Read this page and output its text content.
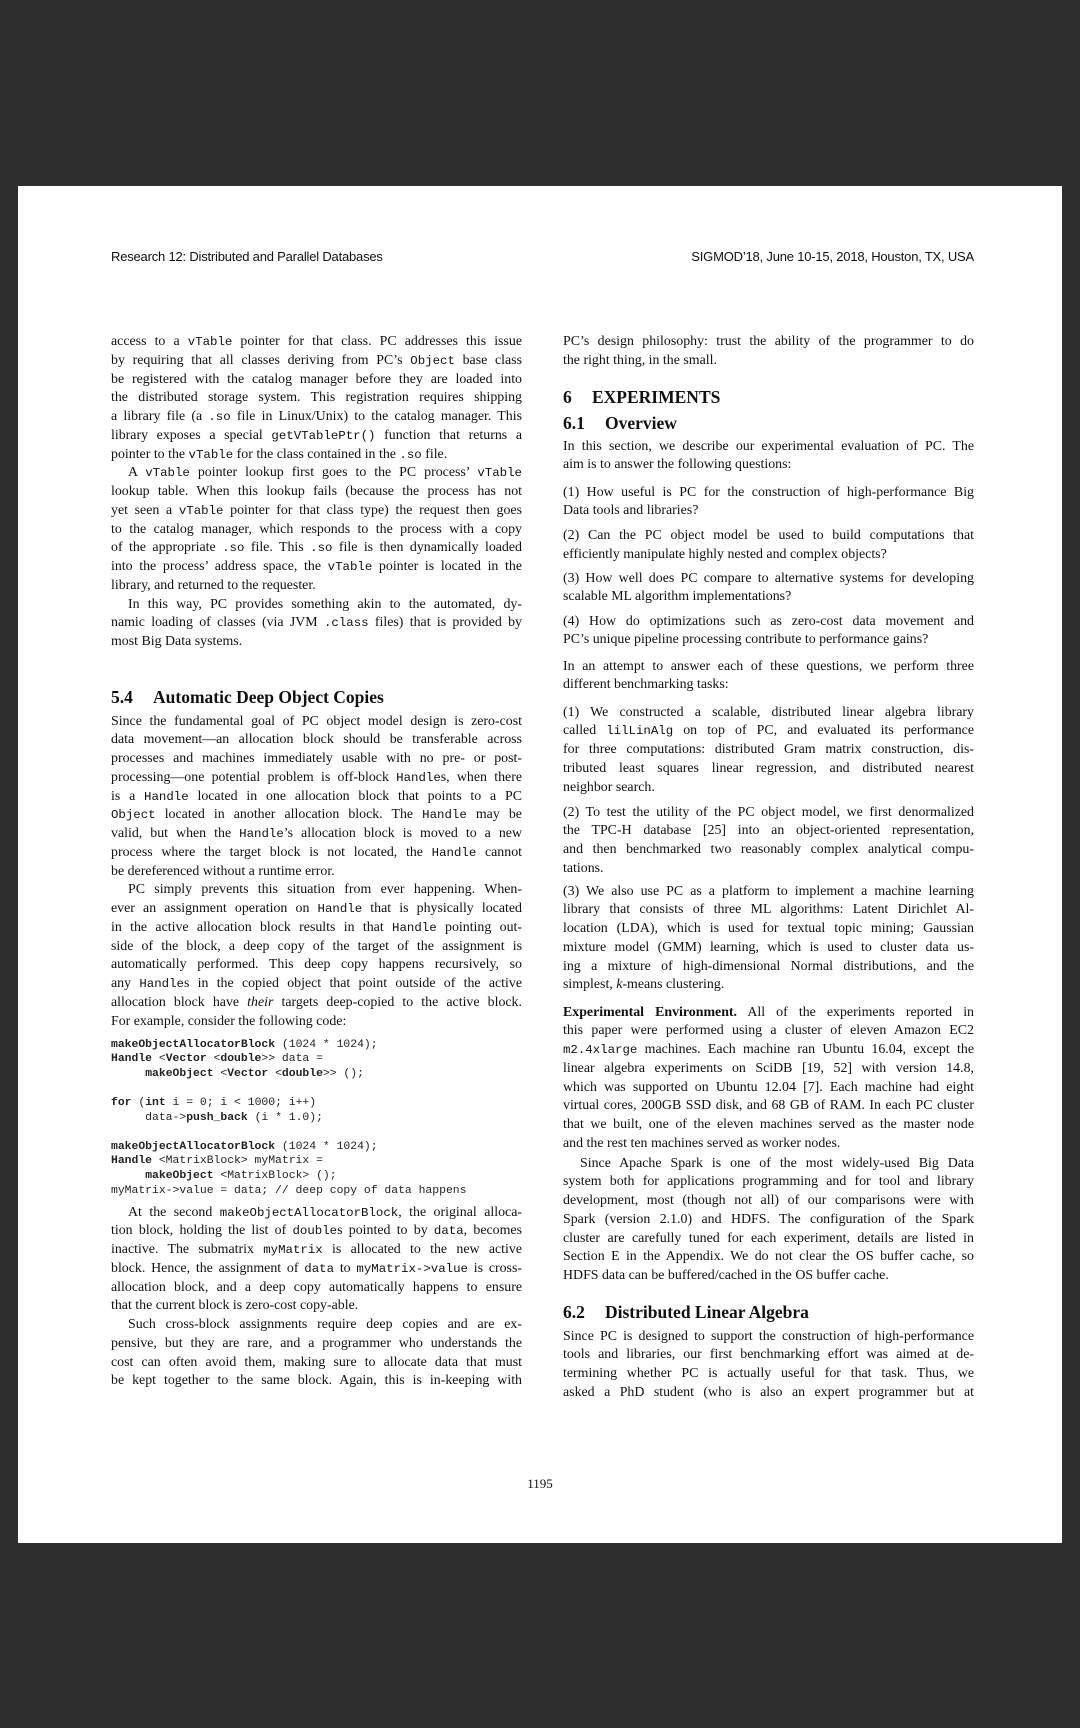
Research 12: Distributed and Parallel Databases	SIGMOD’18, June 10-15, 2018, Houston, TX, USA
access to a vTable pointer for that class. PC addresses this issue
by requiring that all classes deriving from PC’s Object base class
be registered with the catalog manager before they are loaded into
the distributed storage system. This registration requires shipping
a library file (a .so file in Linux/Unix) to the catalog manager. This
library exposes a special getVTablePtr() function that returns a
pointer to the vTable for the class contained in the .so file.
A vTable pointer lookup first goes to the PC process’ vTable
lookup table. When this lookup fails (because the process has not
yet seen a vTable pointer for that class type) the request then goes
to the catalog manager, which responds to the process with a copy
of the appropriate .so file. This .so file is then dynamically loaded
into the process’ address space, the vTable pointer is located in the
library, and returned to the requester.
In this way, PC provides something akin to the automated, dy-
namic loading of classes (via JVM .class files) that is provided by
most Big Data systems.
5.4 Automatic Deep Object Copies
Since the fundamental goal of PC object model design is zero-cost
data movement—an allocation block should be transferable across
processes and machines immediately usable with no pre- or post-
processing—one potential problem is off-block Handles, when there
is a Handle located in one allocation block that points to a PC
Object located in another allocation block. The Handle may be
valid, but when the Handle’s allocation block is moved to a new
process where the target block is not located, the Handle cannot
be dereferenced without a runtime error.
PC simply prevents this situation from ever happening. When-
ever an assignment operation on Handle that is physically located
in the active allocation block results in that Handle pointing out-
side of the block, a deep copy of the target of the assignment is
automatically performed. This deep copy happens recursively, so
any Handles in the copied object that point outside of the active
allocation block have their targets deep-copied to the active block.
For example, consider the following code:
makeObjectAllocatorBlock (1024 * 1024);
Handle <Vector <double>> data =
makeObject <Vector <double>> ();

for (int i = 0; i < 1000; i++)
data->push_back (i * 1.0);

makeObjectAllocatorBlock (1024 * 1024);
Handle <MatrixBlock> myMatrix =
makeObject <MatrixBlock> ();
myMatrix->value = data; // deep copy of data happens
At the second makeObjectAllocatorBlock, the original alloca-
tion block, holding the list of doubles pointed to by data, becomes
inactive. The submatrix myMatrix is allocated to the new active
block. Hence, the assignment of data to myMatrix->value is cross-
allocation block, and a deep copy automatically happens to ensure
that the current block is zero-cost copy-able.
Such cross-block assignments require deep copies and are ex-
pensive, but they are rare, and a programmer who understands the
cost can often avoid them, making sure to allocate data that must
be kept together to the same block. Again, this is in-keeping with
PC’s design philosophy: trust the ability of the programmer to do
the right thing, in the small.
6 EXPERIMENTS
6.1 Overview
In this section, we describe our experimental evaluation of PC. The
aim is to answer the following questions:
(1) How useful is PC for the construction of high-performance Big
Data tools and libraries?
(2) Can the PC object model be used to build computations that
efficiently manipulate highly nested and complex objects?
(3) How well does PC compare to alternative systems for developing
scalable ML algorithm implementations?
(4) How do optimizations such as zero-cost data movement and
PC’s unique pipeline processing contribute to performance gains?
In an attempt to answer each of these questions, we perform three
different benchmarking tasks:
(1) We constructed a scalable, distributed linear algebra library
called lilLinAlg on top of PC, and evaluated its performance
for three computations: distributed Gram matrix construction, dis-
tributed least squares linear regression, and distributed nearest
neighbor search.
(2) To test the utility of the PC object model, we first denormalized
the TPC-H database [25] into an object-oriented representation,
and then benchmarked two reasonably complex analytical compu-
tations.
(3) We also use PC as a platform to implement a machine learning
library that consists of three ML algorithms: Latent Dirichlet Al-
location (LDA), which is used for textual topic mining; Gaussian
mixture model (GMM) learning, which is used to cluster data us-
ing a mixture of high-dimensional Normal distributions, and the
simplest, k-means clustering.
Experimental Environment. All of the experiments reported in
this paper were performed using a cluster of eleven Amazon EC2
m2.4xlarge machines. Each machine ran Ubuntu 16.04, except the
linear algebra experiments on SciDB [19, 52] with version 14.8,
which was supported on Ubuntu 12.04 [7]. Each machine had eight
virtual cores, 200GB SSD disk, and 68 GB of RAM. In each PC cluster
that we built, one of the eleven machines served as the master node
and the rest ten machines served as worker nodes.
Since Apache Spark is one of the most widely-used Big Data
system both for applications programming and for tool and library
development, most (though not all) of our comparisons were with
Spark (version 2.1.0) and HDFS. The configuration of the Spark
cluster are carefully tuned for each experiment, details are listed in
Section E in the Appendix. We do not clear the OS buffer cache, so
HDFS data can be buffered/cached in the OS buffer cache.
6.2 Distributed Linear Algebra
Since PC is designed to support the construction of high-performance
tools and libraries, our first benchmarking effort was aimed at de-
termining whether PC is actually useful for that task. Thus, we
asked a PhD student (who is also an expert programmer but at
1195
